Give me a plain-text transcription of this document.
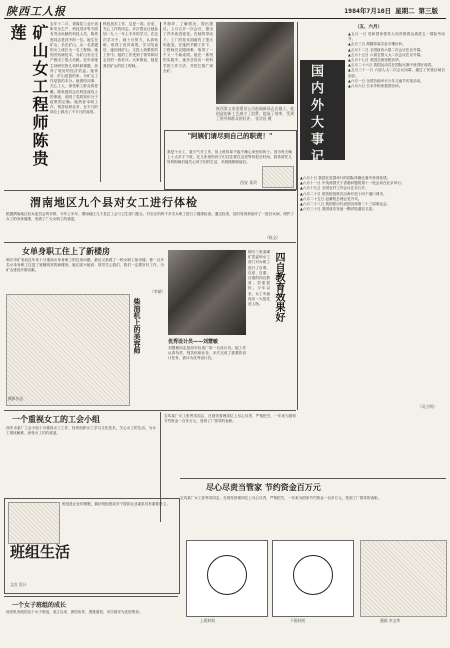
陕西工人报	1984年7月10日 星期二 第三版
矿山女工程师陈贵莲	去年十二月，省煤炭工业厅表彰安全生产、科技进步等方面有突出贡献的科技人员，陈贵莲同志是其中的一位。她生在矿山，长在矿山，从一名普通的女工成长为一名工程师。她刻苦钻研技术，为矿山安全生产做出了很大贡献。近年来她主持研究的几项科研课题，获得了较好的经济效益。她常说：矿山是我的家，为矿山工作是我的本分。她团结同事，关心工人，深受职工群众的爱戴。陈贵莲同志在科技战线上的事迹，说明了党的知识分子政策的正确。她热爱本职工作，刻苦钻研业务，在平凡的岗位上做出了不平凡的成绩。
科技战术工作，这是一项。后来，关心工作的同志，多次提议让她参加一九八一年上半年的学习。在这次学习中，她十分努力，认真钻研，取得了优异成绩。学习结束后，她回到矿山，又投入到紧张的工作中。她的工作受到了领导和同志们的一致好评。大家都说，她是我们矿山的好工程师。
并指导，了解情况，提出建议。上月召开一次会议，提出了许多改进意见。在她的带动下，工厂的技术面貌有了很大的改变。在她的辛勤工作下，工程师们克服困难，取得了一个又一个新成绩。她在一系列的实践中，逐步总结出一套科学的工作方法，并把它推广到全矿。
陕西第五冶金建设公司赵福新同志在施工。他创造的新工艺减少了浪费，提高了效率，受到了领导和群众的好评。 张学昌 摄
"阿姨们请尽到自己的职责！"
我是个女工，看天气开工作，但上班时却不能不操心家里的孩子。因为每天晚上十点多才下班，托儿所里的孩子们往往要在这里等待很长时间。我希望托儿所的阿姨们能关心孩子们的生活，多照顾照顾他们。
西安 姜玲
（五、六月）
国内外大事记
▲五月一日 党和国家领导人同首都群众欢度五一国际劳动节。
▲五月三日 胡耀邦离京赴平壤访问。
▲五月十二日 全国政协六届二次会议在京开幕。
▲五月十五日 六届全国人大二次会议在京开幕。
▲五月十七日 美国总统里根访华。
▲五月二十六日 我国运动员在国际比赛中获得好成绩。
▲五月三十一日 六届人大二次会议闭幕，通过了民族区域自治法。
▲六月一日 全国各地举行少年儿童节庆祝活动。
▲六月六日 日本外相来我国访问。
▲六月十日 我国在英国举行的国际体操比赛中获得佳绩。
▲六月十一日 中英两国关于香港问题的第十一轮会谈在北京举行。
▲六月十九日 全国农村工作会议在京召开。
▲六月二十日 国务院批准在沿海开放十四个港口城市。
▲六月二十五日 赵紫阳总理会见外宾。
▲六月二十八日 我国派出代表团出席第二十三届奥运会。
▲六月三十日 我国成功发射一颗试验通信卫星。
（吴立明）
渭南地区九个县对女工进行体检
根据渭南地区妇女委员会的安排，今年上半年，渭南地区九个县总工会与卫生部门配合，对全区的四千多名女职工进行了健康检查。通过检查，及时发现和治疗了一批妇女病，保护了女工的身体健康，受到了广大女职工的欢迎。
（陈文）
女单身职工住上了新楼房
铜川市矿务局近年来十分重视女单身职工的住房问题，最近又新建了一栋女职工宿舍楼，使一百多名女单身职工住进了宽敞明亮的新楼房。她们高兴地说：领导关心我们，我们一定要好好工作，为矿山建设多做贡献。
（李斌）
柴油机上的美容师
摄影作品
铜川三里洞煤矿党委和女工部门对女职工进行了自尊、自爱、自重、自强的四自教育，效果很好。今年以来，女工中涌现出一大批先进人物。	四自教育效果好
优秀设计员——刘慧敏
刘慧敏同志是西安仪表厂的一名设计员。她工作认真负责，刻苦钻研业务，多次完成了重要的设计任务，被评为优秀设计员。
一个重视女工的工会小组
西安市某厂工会小组十分重视女工工作，经常组织女工学习文化技术，关心女工的生活，为女工排忧解难，深受女工们的欢迎。
宝鸡某厂女工张秀英同志，在财务管理岗位上尽心尽责，严格把关，一年来为国家节约资金一百多万元，受到了厂领导的表彰。
尽心尽责当管家 节约资金百万元
宝鸡某厂女工张秀英同志，在财务管理岗位上尽心尽责，严格把关，一年来为国家节约资金一百多万元，受到了厂领导的表彰。
班组生活
文宣 设计
班组是企业的细胞，搞好班组建设对于提高企业素质具有重要意义。
一个女子班组的成长
西安机务段的这个女子班组，成立以来，团结协作，勇挑重担，多次被评为先进集体。
上班时间	下班时间	漫画 李文华
